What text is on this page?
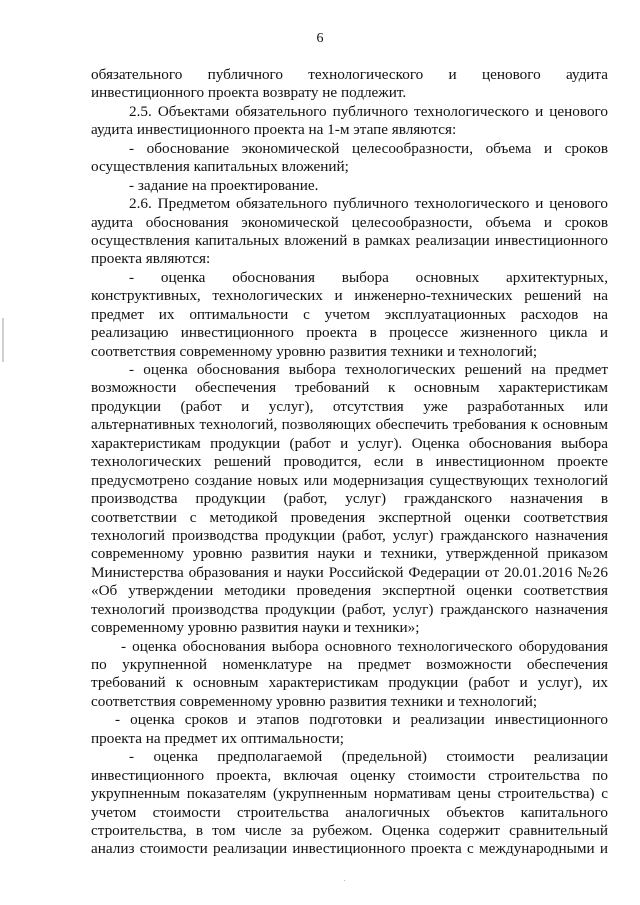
6
обязательного публичного технологического и ценового аудита
инвестиционного проекта возврату не подлежит.
2.5. Объектами обязательного публичного технологического и ценового
аудита инвестиционного проекта на 1-м этапе являются:
- обоснование экономической целесообразности, объема и сроков
осуществления капитальных вложений;
- задание на проектирование.
2.6. Предметом обязательного публичного технологического и ценового
аудита обоснования экономической целесообразности, объема и сроков
осуществления капитальных вложений в рамках реализации инвестиционного
проекта являются:
- оценка обоснования выбора основных архитектурных,
конструктивных, технологических и инженерно-технических решений на
предмет их оптимальности с учетом эксплуатационных расходов на
реализацию инвестиционного проекта в процессе жизненного цикла и
соответствия современному уровню развития техники и технологий;
- оценка обоснования выбора технологических решений на предмет
возможности обеспечения требований к основным характеристикам
продукции (работ и услуг), отсутствия уже разработанных или
альтернативных технологий, позволяющих обеспечить требования к основным
характеристикам продукции (работ и услуг). Оценка обоснования выбора
технологических решений проводится, если в инвестиционном проекте
предусмотрено создание новых или модернизация существующих технологий
производства продукции (работ, услуг) гражданского назначения в
соответствии с методикой проведения экспертной оценки соответствия
технологий производства продукции (работ, услуг) гражданского назначения
современному уровню развития науки и техники, утвержденной приказом
Министерства образования и науки Российской Федерации от 20.01.2016 №26
«Об утверждении методики проведения экспертной оценки соответствия
технологий производства продукции (работ, услуг) гражданского назначения
современному уровню развития науки и техники»;
- оценка обоснования выбора основного технологического оборудования
по укрупненной номенклатуре на предмет возможности обеспечения
требований к основным характеристикам продукции (работ и услуг), их
соответствия современному уровню развития техники и технологий;
- оценка сроков и этапов подготовки и реализации инвестиционного
проекта на предмет их оптимальности;
- оценка предполагаемой (предельной) стоимости реализации
инвестиционного проекта, включая оценку стоимости строительства по
укрупненным показателям (укрупненным нормативам цены строительства) с
учетом стоимости строительства аналогичных объектов капитального
строительства, в том числе за рубежом. Оценка содержит сравнительный
анализ стоимости реализации инвестиционного проекта с международными и
